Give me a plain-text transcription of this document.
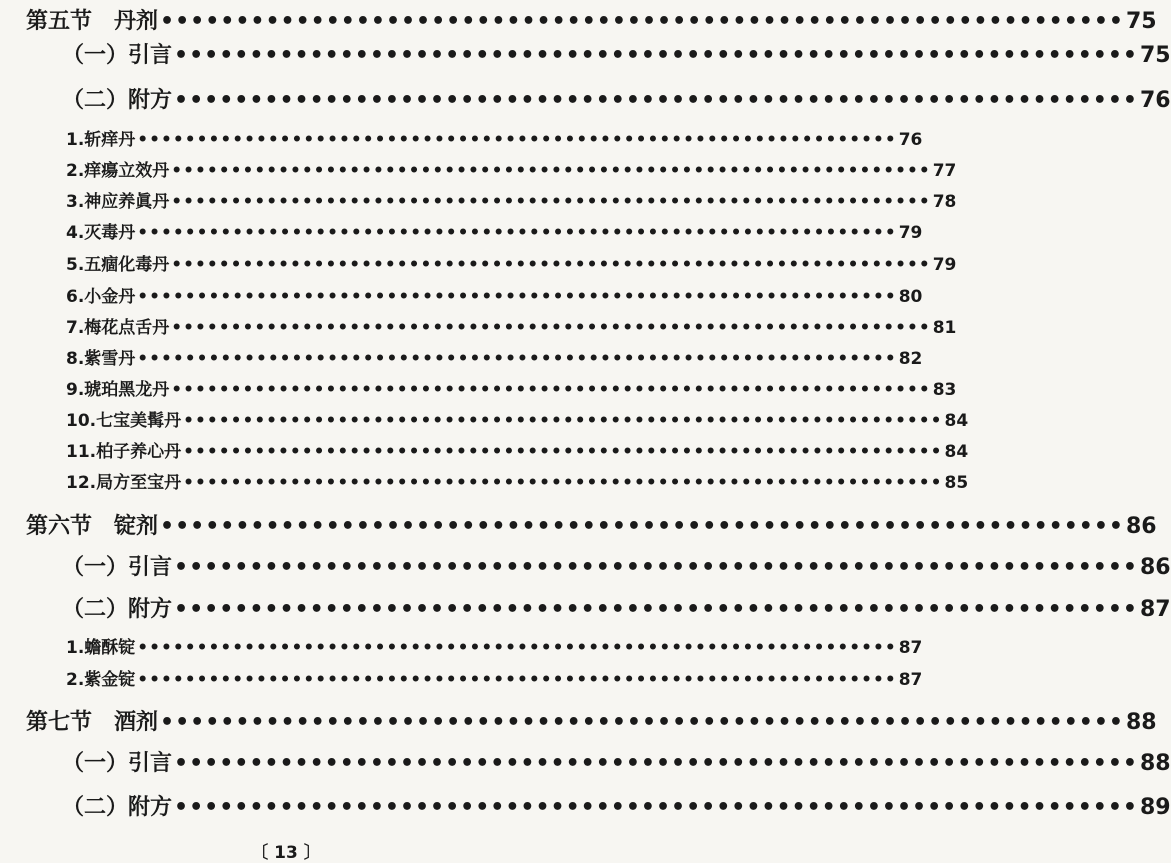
第五节　丹剂 •••••••••••••••••••••••••••••••••••••••••••••••••••••••••••••••• 75
（一）引言 •••••••••••••••••••••••••••••••••••••••••••••••••••••••••••••••• 75
（二）附方 •••••••••••••••••••••••••••••••••••••••••••••••••••••••••••••••• 76
1.斩痒丹 •••••••••••••••••••••••••••••••••••••••••••••••••••••••••••••••• 76
2.痒瘍立效丹 •••••••••••••••••••••••••••••••••••••••••••••••••••••••••••••••• 77
3.神应养眞丹 •••••••••••••••••••••••••••••••••••••••••••••••••••••••••••••••• 78
4.灭毒丹 •••••••••••••••••••••••••••••••••••••••••••••••••••••••••••••••• 79
5.五痼化毒丹 •••••••••••••••••••••••••••••••••••••••••••••••••••••••••••••••• 79
6.小金丹 •••••••••••••••••••••••••••••••••••••••••••••••••••••••••••••••• 80
7.梅花点舌丹 •••••••••••••••••••••••••••••••••••••••••••••••••••••••••••••••• 81
8.紫雪丹 •••••••••••••••••••••••••••••••••••••••••••••••••••••••••••••••• 82
9.琥珀黑龙丹 •••••••••••••••••••••••••••••••••••••••••••••••••••••••••••••••• 83
10.七宝美髯丹 •••••••••••••••••••••••••••••••••••••••••••••••••••••••••••••••• 84
11.柏子养心丹 •••••••••••••••••••••••••••••••••••••••••••••••••••••••••••••••• 84
12.局方至宝丹 •••••••••••••••••••••••••••••••••••••••••••••••••••••••••••••••• 85
第六节　锭剂 •••••••••••••••••••••••••••••••••••••••••••••••••••••••••••••••• 86
（一）引言 •••••••••••••••••••••••••••••••••••••••••••••••••••••••••••••••• 86
（二）附方 •••••••••••••••••••••••••••••••••••••••••••••••••••••••••••••••• 87
1.蟾酥锭 •••••••••••••••••••••••••••••••••••••••••••••••••••••••••••••••• 87
2.紫金锭 •••••••••••••••••••••••••••••••••••••••••••••••••••••••••••••••• 87
第七节　酒剂 •••••••••••••••••••••••••••••••••••••••••••••••••••••••••••••••• 88
（一）引言 •••••••••••••••••••••••••••••••••••••••••••••••••••••••••••••••• 88
（二）附方 •••••••••••••••••••••••••••••••••••••••••••••••••••••••••••••••• 89
〔 13 〕
